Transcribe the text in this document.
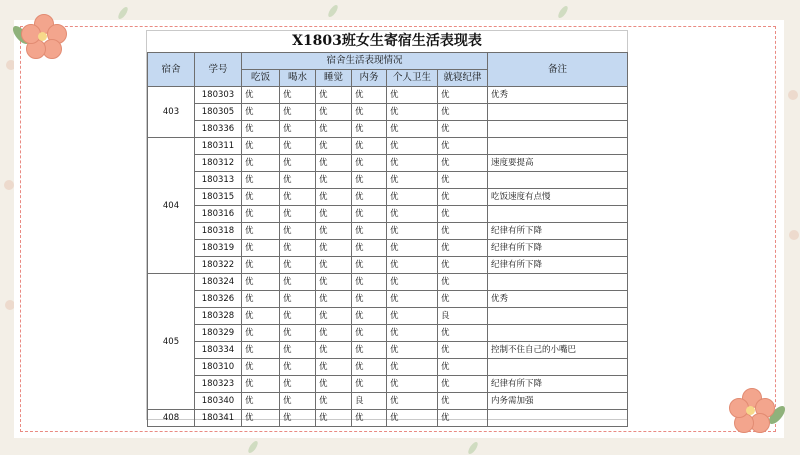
X1803班女生寄宿生活表现表
宿舍	学号	宿舍生活表现情况						备注
		吃饭	喝水	睡觉	内务	个人卫生	就寝纪律	
403	180303	优	优	优	优	优	优	优秀
	180305	优	优	优	优	优	优	
	180336	优	优	优	优	优	优	
404	180311	优	优	优	优	优	优	
	180312	优	优	优	优	优	优	速度要提高
	180313	优	优	优	优	优	优	
	180315	优	优	优	优	优	优	吃饭速度有点慢
	180316	优	优	优	优	优	优	
	180318	优	优	优	优	优	优	纪律有所下降
	180319	优	优	优	优	优	优	纪律有所下降
	180322	优	优	优	优	优	优	纪律有所下降
405	180324	优	优	优	优	优	优	
	180326	优	优	优	优	优	优	优秀
	180328	优	优	优	优	优	良	
	180329	优	优	优	优	优	优	
	180334	优	优	优	优	优	优	控制不住自己的小嘴巴
	180310	优	优	优	优	优	优	
	180323	优	优	优	优	优	优	纪律有所下降
	180340	优	优	优	良	优	优	内务需加强
408	180341	优	优	优	优	优	优	
